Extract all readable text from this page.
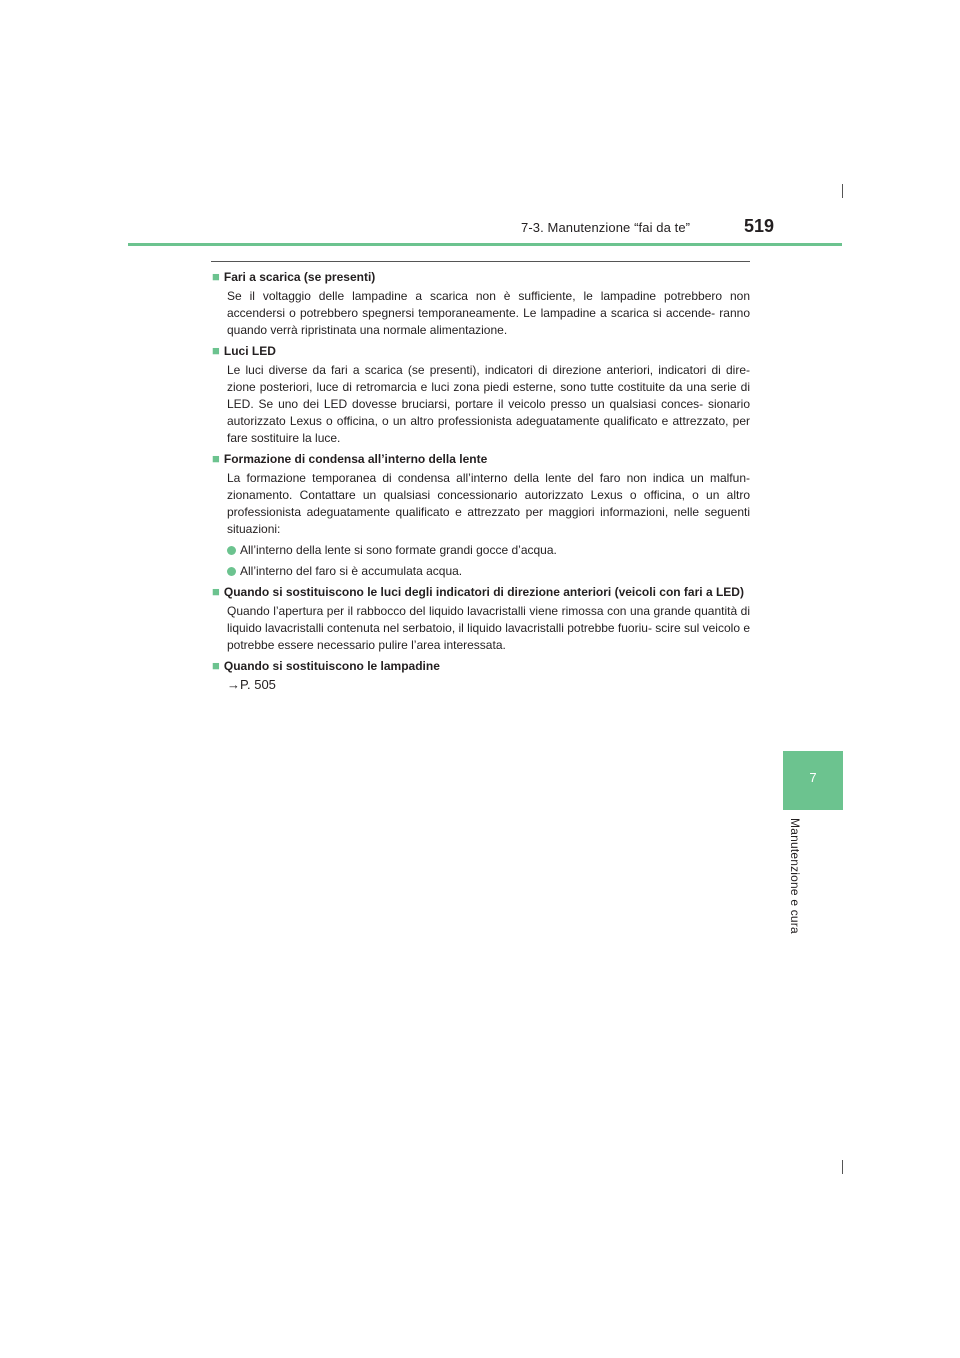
7-3. Manutenzione “fai da te”	519
7
Manutenzione e cura
■ Fari a scarica (se presenti)

Se il voltaggio delle lampadine a scarica non è sufficiente, le lampadine potrebbero non accendersi o potrebbero spegnersi temporaneamente. Le lampadine a scarica si accende- ranno quando verrà ripristinata una normale alimentazione.

■ Luci LED

Le luci diverse da fari a scarica (se presenti), indicatori di direzione anteriori, indicatori di dire- zione posteriori, luce di retromarcia e luci zona piedi esterne, sono tutte costituite da una serie di LED. Se uno dei LED dovesse bruciarsi, portare il veicolo presso un qualsiasi conces- sionario autorizzato Lexus o officina, o un altro professionista adeguatamente qualificato e attrezzato, per fare sostituire la luce.

■ Formazione di condensa all’interno della lente

La formazione temporanea di condensa all’interno della lente del faro non indica un malfun- zionamento. Contattare un qualsiasi concessionario autorizzato Lexus o officina, o un altro professionista adeguatamente qualificato e attrezzato per maggiori informazioni, nelle seguenti situazioni:

All’interno della lente si sono formate grandi gocce d’acqua.
All’interno del faro si è accumulata acqua.
■ Quando si sostituiscono le luci degli indicatori di direzione anteriori (veicoli con fari a LED)

Quando l’apertura per il rabbocco del liquido lavacristalli viene rimossa con una grande quantità di liquido lavacristalli contenuta nel serbatoio, il liquido lavacristalli potrebbe fuoriu- scire sul veicolo e potrebbe essere necessario pulire l’area interessata.

■ Quando si sostituiscono le lampadine
→P. 505
